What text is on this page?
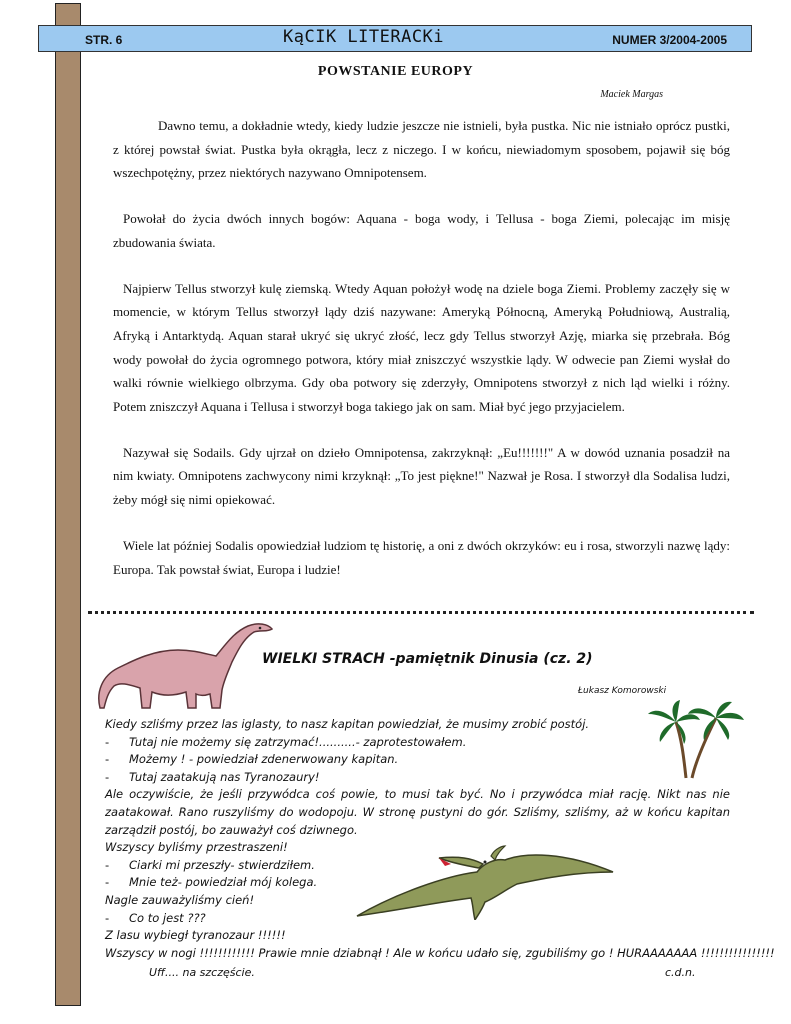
STR. 6	KąCIK LITERACKi	NUMER 3/2004-2005
POWSTANIE EUROPY
Maciek Margas

Dawno temu, a dokładnie wtedy, kiedy ludzie jeszcze nie istnieli, była pustka. Nic nie istniało oprócz pustki, z której powstał świat. Pustka była okrągła, lecz z niczego. I w końcu, niewiadomym sposobem, pojawił się bóg wszechpotężny, przez niektórych nazywano Omnipotensem.

Powołał do życia dwóch innych bogów: Aquana - boga wody, i Tellusa - boga Ziemi, polecając im misję zbudowania świata.

Najpierw Tellus stworzył kulę ziemską. Wtedy Aquan położył wodę na dziele boga Ziemi. Problemy zaczęły się w momencie, w którym Tellus stworzył lądy dziś nazywane: Ameryką Północną, Ameryką Południową, Australią, Afryką i Antarktydą. Aquan starał ukryć się ukryć złość, lecz gdy Tellus stworzył Azję, miarka się przebrała. Bóg wody powołał do życia ogromnego potwora, który miał zniszczyć wszystkie lądy. W odwecie pan Ziemi wysłał do walki równie wielkiego olbrzyma. Gdy oba potwory się zderzyły, Omnipotens stworzył z nich ląd wielki i różny. Potem zniszczył Aquana i Tellusa i stworzył boga takiego jak on sam. Miał być jego przyjacielem.

Nazywał się Sodails. Gdy ujrzał on dzieło Omnipotensa, zakrzyknął: „Eu!!!!!!!" A w dowód uznania posadził na nim kwiaty. Omnipotens zachwycony nimi krzyknął: „To jest piękne!" Nazwał je Rosa. I stworzył dla Sodalisa ludzi, żeby mógł się nimi opiekować.

Wiele lat później Sodalis opowiedział ludziom tę historię, a oni z dwóch okrzyków: eu i rosa, stworzyli nazwę lądy: Europa. Tak powstał świat, Europa i ludzie!

WIELKI STRACH -pamiętnik Dinusia (cz. 2)
Łukasz Komorowski
Kiedy szliśmy przez las iglasty, to nasz kapitan powiedział, że musimy zrobić postój.
- Tutaj nie możemy się zatrzymać!..........- zaprotestowałem.
- Możemy ! - powiedział zdenerwowany kapitan.
- Tutaj zaatakują nas Tyranozaury!
Ale oczywiście, że jeśli przywódca coś powie, to musi tak być. No i przywódca miał rację. Nikt nas nie zaatakował. Rano ruszyliśmy do wodopoju. W stronę pustyni do gór. Szliśmy, szliśmy, aż w końcu kapitan zarządził postój, bo zauważył coś dziwnego.
Wszyscy byliśmy przestraszeni!
- Ciarki mi przeszły- stwierdziłem.
- Mnie też- powiedział mój kolega.
Nagle zauważyliśmy cień!
- Co to jest ???
Z lasu wybiegł tyranozaur !!!!!!
Wszyscy w nogi !!!!!!!!!!!! Prawie mnie dziabnął ! Ale w końcu udało się, zgubiliśmy go ! HURAAAAAAA !!!!!!!!!!!!!!!!
Uff.... na szczęście.	c.d.n.
